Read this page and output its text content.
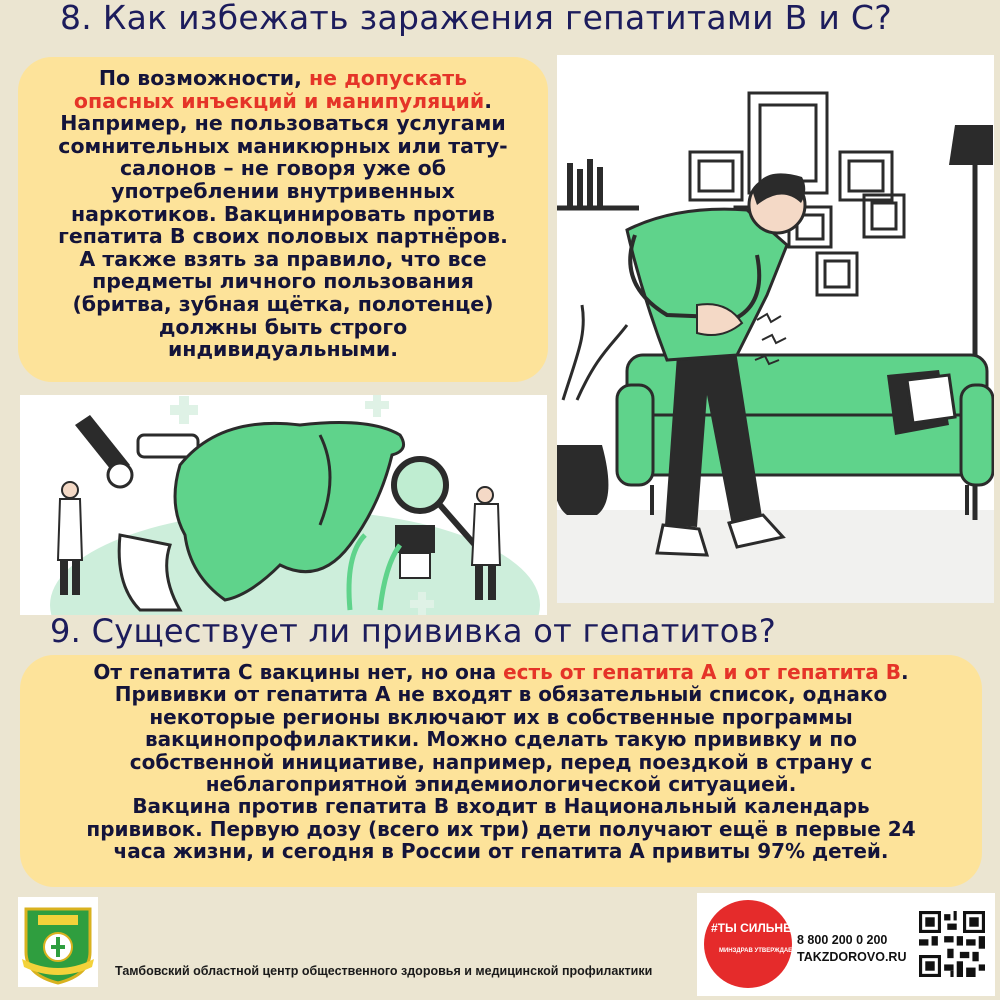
8. Как избежать заражения гепатитами В и С?
По возможности, не допускать
опасных инъекций и манипуляций.
Например, не пользоваться услугами
сомнительных маникюрных или тату-
салонов – не говоря уже об
употреблении внутривенных
наркотиков. Вакцинировать против
гепатита В своих половых партнёров.
А также взять за правило, что все
предметы личного пользования
(бритва, зубная щётка, полотенце)
должны быть строго
индивидуальными.
9. Существует ли прививка от гепатитов?
От гепатита С вакцины нет, но она есть от гепатита А и от гепатита В.
Прививки от гепатита А не входят в обязательный список, однако
некоторые регионы включают их в собственные программы
вакцинопрофилактики. Можно сделать такую прививку и по
собственной инициативе, например, перед поездкой в страну с
неблагоприятной эпидемиологической ситуацией.
Вакцина против гепатита В входит в Национальный календарь
прививок. Первую дозу (всего их три) дети получают ещё в первые 24
часа жизни, и сегодня в России от гепатита А привиты 97% детей.
Тамбовский областной центр общественного здоровья и медицинской профилактики
#ТЫ СИЛЬНЕЕ
МИНЗДРАВ УТВЕРЖДАЕТ!
8 800 200 0 200
TAKZDOROVO.RU
